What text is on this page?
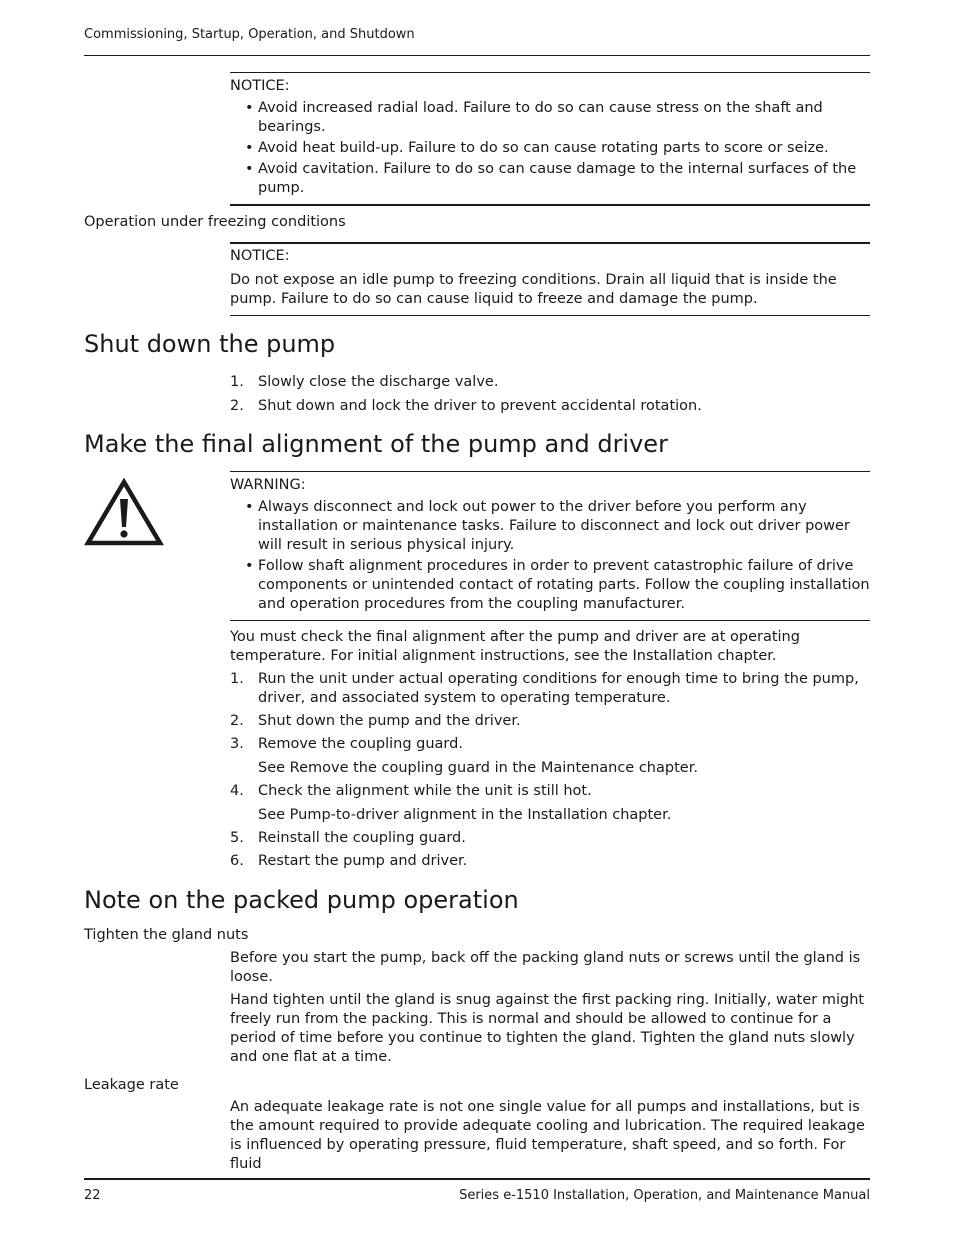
Commissioning, Startup, Operation, and Shutdown
NOTICE:
• Avoid increased radial load. Failure to do so can cause stress on the shaft and bearings.
• Avoid heat build-up. Failure to do so can cause rotating parts to score or seize.
• Avoid cavitation. Failure to do so can cause damage to the internal surfaces of the pump.
Operation under freezing conditions
NOTICE:
Do not expose an idle pump to freezing conditions. Drain all liquid that is inside the pump. Failure to do so can cause liquid to freeze and damage the pump.
Shut down the pump
1. Slowly close the discharge valve.
2. Shut down and lock the driver to prevent accidental rotation.
Make the final alignment of the pump and driver
WARNING:
• Always disconnect and lock out power to the driver before you perform any installation or maintenance tasks. Failure to disconnect and lock out driver power will result in serious physical injury.
• Follow shaft alignment procedures in order to prevent catastrophic failure of drive components or unintended contact of rotating parts. Follow the coupling installation and operation procedures from the coupling manufacturer.
You must check the final alignment after the pump and driver are at operating temperature. For initial alignment instructions, see the Installation chapter.
1. Run the unit under actual operating conditions for enough time to bring the pump, driver, and associated system to operating temperature.
2. Shut down the pump and the driver.
3. Remove the coupling guard.
See Remove the coupling guard in the Maintenance chapter.
4. Check the alignment while the unit is still hot.
See Pump-to-driver alignment in the Installation chapter.
5. Reinstall the coupling guard.
6. Restart the pump and driver.
Note on the packed pump operation
Tighten the gland nuts
Before you start the pump, back off the packing gland nuts or screws until the gland is loose.
Hand tighten until the gland is snug against the first packing ring. Initially, water might freely run from the packing. This is normal and should be allowed to continue for a period of time before you continue to tighten the gland. Tighten the gland nuts slowly and one flat at a time.
Leakage rate
An adequate leakage rate is not one single value for all pumps and installations, but is the amount required to provide adequate cooling and lubrication. The required leakage is influenced by operating pressure, fluid temperature, shaft speed, and so forth. For fluid
22	Series e-1510 Installation, Operation, and Maintenance Manual
